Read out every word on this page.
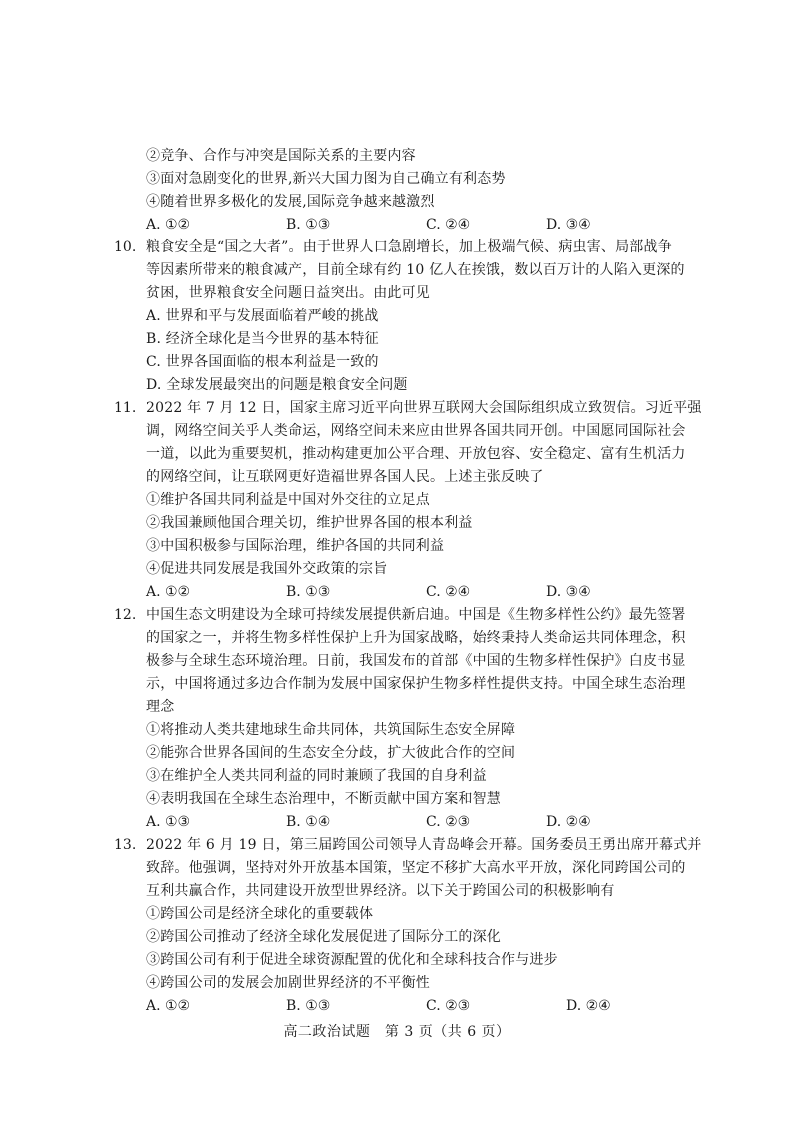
②竞争、合作与冲突是国际关系的主要内容
③面对急剧变化的世界,新兴大国力图为自己确立有利态势
④随着世界多极化的发展,国际竞争越来越激烈
A. ①②	B. ①③	C. ②④	D. ③④
10. 粮食安全是“国之大者”。由于世界人口急剧增长，加上极端气候、病虫害、局部战争
等因素所带来的粮食减产，目前全球有约 10 亿人在挨饿，数以百万计的人陷入更深的
贫困，世界粮食安全问题日益突出。由此可见
A. 世界和平与发展面临着严峻的挑战
B. 经济全球化是当今世界的基本特征
C. 世界各国面临的根本利益是一致的
D. 全球发展最突出的问题是粮食安全问题
11. 2022 年 7 月 12 日，国家主席习近平向世界互联网大会国际组织成立致贺信。习近平强
调，网络空间关乎人类命运，网络空间未来应由世界各国共同开创。中国愿同国际社会
一道，以此为重要契机，推动构建更加公平合理、开放包容、安全稳定、富有生机活力
的网络空间，让互联网更好造福世界各国人民。上述主张反映了
①维护各国共同利益是中国对外交往的立足点
②我国兼顾他国合理关切，维护世界各国的根本利益
③中国积极参与国际治理，维护各国的共同利益
④促进共同发展是我国外交政策的宗旨
A. ①②	B. ①③	C. ②④	D. ③④
12. 中国生态文明建设为全球可持续发展提供新启迪。中国是《生物多样性公约》最先签署
的国家之一，并将生物多样性保护上升为国家战略，始终秉持人类命运共同体理念，积
极参与全球生态环境治理。日前，我国发布的首部《中国的生物多样性保护》白皮书显
示，中国将通过多边合作制为发展中国家保护生物多样性提供支持。中国全球生态治理
理念
①将推动人类共建地球生命共同体，共筑国际生态安全屏障
②能弥合世界各国间的生态安全分歧，扩大彼此合作的空间
③在维护全人类共同利益的同时兼顾了我国的自身利益
④表明我国在全球生态治理中，不断贡献中国方案和智慧
A. ①③	B. ①④	C. ②③	D. ②④
13. 2022 年 6 月 19 日，第三届跨国公司领导人青岛峰会开幕。国务委员王勇出席开幕式并
致辞。他强调，坚持对外开放基本国策，坚定不移扩大高水平开放，深化同跨国公司的
互利共赢合作，共同建设开放型世界经济。以下关于跨国公司的积极影响有
①跨国公司是经济全球化的重要载体
②跨国公司推动了经济全球化发展促进了国际分工的深化
③跨国公司有利于促进全球资源配置的优化和全球科技合作与进步
④跨国公司的发展会加剧世界经济的不平衡性
A. ①②	B. ①③	C. ②③	D. ②④
高二政治试题　第 3 页（共 6 页）
